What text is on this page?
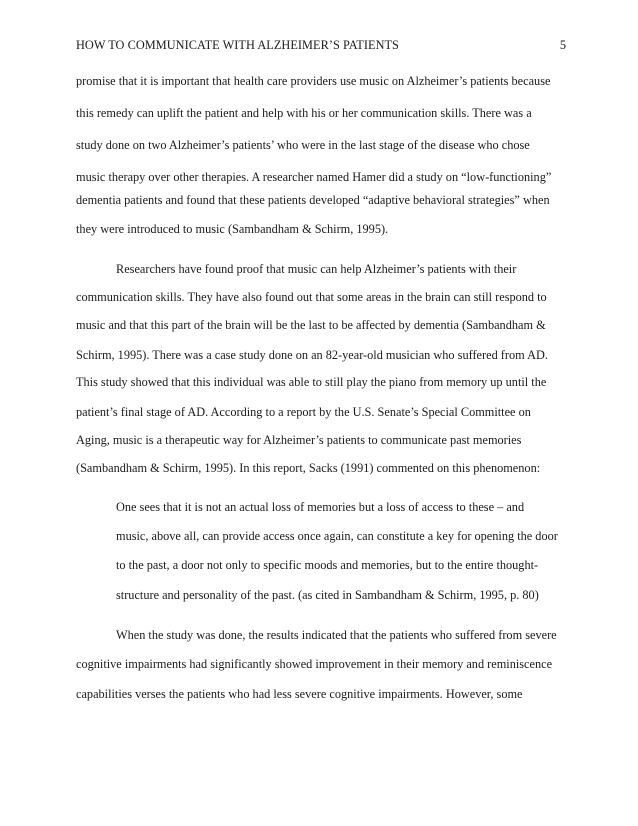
HOW TO COMMUNICATE WITH ALZHEIMER’S PATIENTS	5
promise that it is important that health care providers use music on Alzheimer’s patients because
this remedy can uplift the patient and help with his or her communication skills. There was a
study done on two Alzheimer’s patients’ who were in the last stage of the disease who chose
music therapy over other therapies. A researcher named Hamer did a study on “low-functioning”
dementia patients and found that these patients developed “adaptive behavioral strategies” when
they were introduced to music (Sambandham & Schirm, 1995).
Researchers have found proof that music can help Alzheimer’s patients with their
communication skills. They have also found out that some areas in the brain can still respond to
music and that this part of the brain will be the last to be affected by dementia (Sambandham &
Schirm, 1995). There was a case study done on an 82-year-old musician who suffered from AD.
This study showed that this individual was able to still play the piano from memory up until the
patient’s final stage of AD. According to a report by the U.S. Senate’s Special Committee on
Aging, music is a therapeutic way for Alzheimer’s patients to communicate past memories
(Sambandham & Schirm, 1995). In this report, Sacks (1991) commented on this phenomenon:
One sees that it is not an actual loss of memories but a loss of access to these – and
music, above all, can provide access once again, can constitute a key for opening the door
to the past, a door not only to specific moods and memories, but to the entire thought-
structure and personality of the past. (as cited in Sambandham & Schirm, 1995, p. 80)
When the study was done, the results indicated that the patients who suffered from severe
cognitive impairments had significantly showed improvement in their memory and reminiscence
capabilities verses the patients who had less severe cognitive impairments. However, some
